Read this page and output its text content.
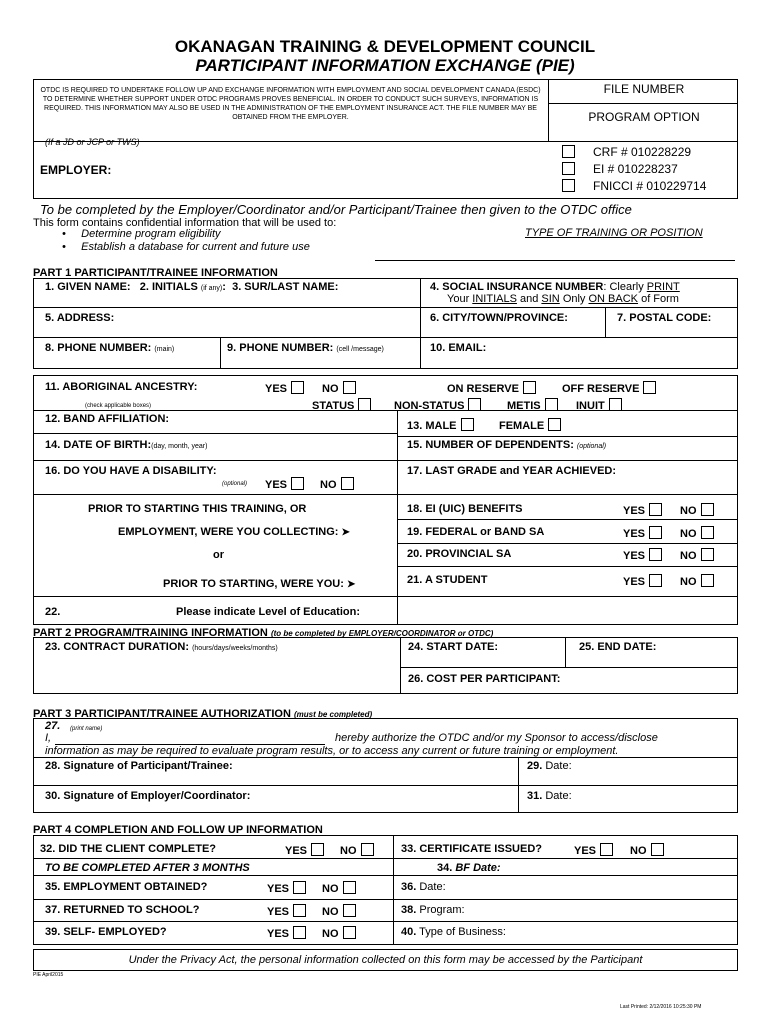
OKANAGAN TRAINING & DEVELOPMENT COUNCIL
PARTICIPANT INFORMATION EXCHANGE (PIE)
OTDC IS REQUIRED TO UNDERTAKE FOLLOW UP AND EXCHANGE INFORMATION WITH EMPLOYMENT AND SOCIAL DEVELOPMENT CANADA (ESDC) TO DETERMINE WHETHER SUPPORT UNDER OTDC PROGRAMS PROVES BENEFICIAL. IN ORDER TO CONDUCT SUCH SURVEYS, INFORMATION IS REQUIRED. THIS INFORMATION MAY ALSO BE USED IN THE ADMINISTRATION OF THE EMPLOYMENT INSURANCE ACT. THE FILE NUMBER MAY BE OBTAINED FROM THE EMPLOYER.
FILE NUMBER
PROGRAM OPTION
(If a JD or JCP or TWS)
EMPLOYER:
CRF # 010228229
EI # 010228237
FNICCI # 010229714
To be completed by the Employer/Coordinator and/or Participant/Trainee then given to the OTDC office
This form contains confidential information that will be used to:
•     Determine program eligibility
•     Establish a database for current and future use
TYPE OF TRAINING OR POSITION
PART 1 PARTICIPANT/TRAINEE INFORMATION
1. GIVEN NAME: 2. INITIALS (if any): 3. SUR/LAST NAME:	4. SOCIAL INSURANCE NUMBER: Clearly PRINT
Your INITIALS and SIN Only ON BACK of Form
5. ADDRESS:	6. CITY/TOWN/PROVINCE:	7. POSTAL CODE:
8. PHONE NUMBER: (main)	9. PHONE NUMBER: (cell /message)	10. EMAIL:
11. ABORIGINAL ANCESTRY:	YES	NO	ON RESERVE	OFF RESERVE
(check applicable boxes)	STATUS	NON-STATUS	METIS	INUIT
12. BAND AFFILIATION:
13. MALE	FEMALE
14. DATE OF BIRTH:(day, month, year)	15. NUMBER OF DEPENDENTS: (optional)
16. DO YOU HAVE A DISABILITY:
(optional) YES	NO
17. LAST GRADE and YEAR ACHIEVED:
PRIOR TO STARTING THIS TRAINING, OR
EMPLOYMENT, WERE YOU COLLECTING: ➤
or
PRIOR TO STARTING, WERE YOU: ➤
18. EI (UIC) BENEFITS	YES	NO
19. FEDERAL or BAND SA	YES	NO
20. PROVINCIAL SA	YES	NO
21. A STUDENT	YES	NO
22.	Please indicate Level of Education:
PART 2 PROGRAM/TRAINING INFORMATION (to be completed by EMPLOYER/COORDINATOR or OTDC)
23. CONTRACT DURATION: (hours/days/weeks/months)	24. START DATE:	25. END DATE:
26. COST PER PARTICIPANT:
PART 3 PARTICIPANT/TRAINEE AUTHORIZATION (must be completed)
27. (print name)
I,	hereby authorize the OTDC and/or my Sponsor to access/disclose
information as may be required to evaluate program results, or to access any current or future training or employment.
28. Signature of Participant/Trainee:	29. Date:
30. Signature of Employer/Coordinator:	31. Date:
PART 4 COMPLETION AND FOLLOW UP INFORMATION
32. DID THE CLIENT COMPLETE?	YES	NO	33. CERTIFICATE ISSUED?	YES	NO
TO BE COMPLETED AFTER 3 MONTHS	34. BF Date:
35. EMPLOYMENT OBTAINED?	YES	NO	36. Date:
37. RETURNED TO SCHOOL?	YES	NO	38. Program:
39. SELF- EMPLOYED?	YES	NO	40. Type of Business:
Under the Privacy Act, the personal information collected on this form may be accessed by the Participant
PIE April2015
Last Printed: 2/12/2016 10:25:30 PM
